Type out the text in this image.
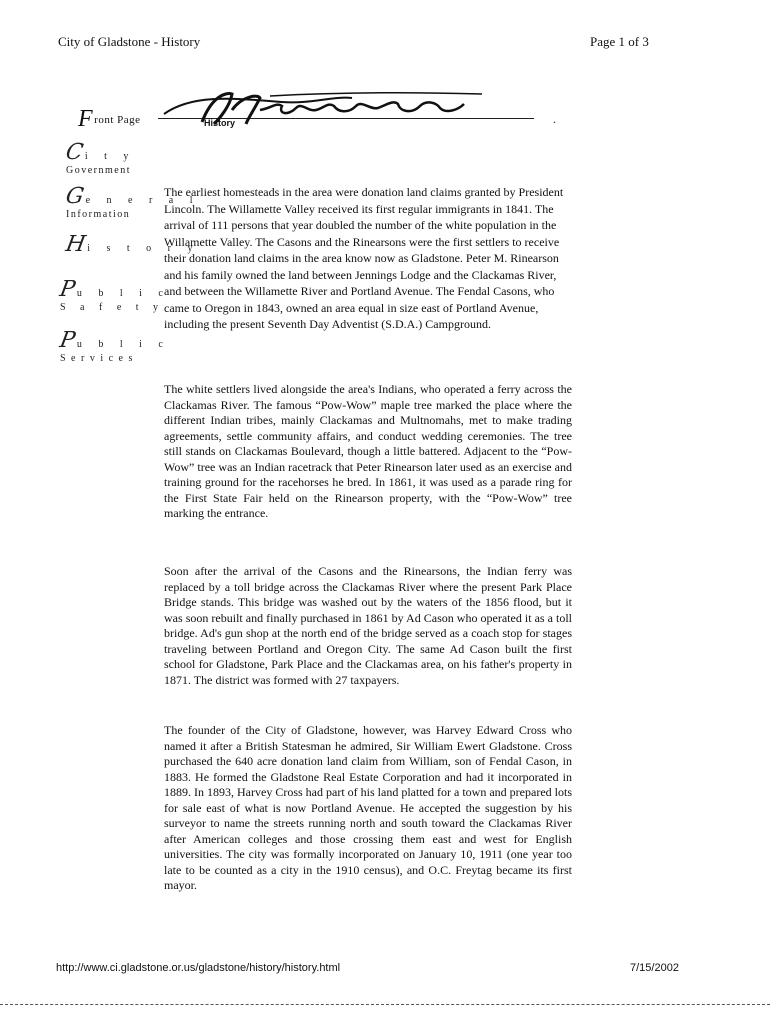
City of Gladstone - History	Page 1 of 3
Front Page	.
History
Ci t y
Government
Ge n e r a l
Information
Hi s t o r y
Pu b l i c
S a f e t y
Pu b l i c
S e r v i c e s
The earliest homesteads in the area were donation land claims granted by President Lincoln. The Willamette Valley received its first regular immigrants in 1841. The arrival of 111 persons that year doubled the number of the white population in the Willamette Valley. The Casons and the Rinearsons were the first settlers to receive their donation land claims in the area know now as Gladstone. Peter M. Rinearson and his family owned the land between Jennings Lodge and the Clackamas River, and between the Willamette River and Portland Avenue. The Fendal Casons, who came to Oregon in 1843, owned an area equal in size east of Portland Avenue, including the present Seventh Day Adventist (S.D.A.) Campground.

The white settlers lived alongside the area's Indians, who operated a ferry across the Clackamas River. The famous “Pow-Wow” maple tree marked the place where the different Indian tribes, mainly Clackamas and Multnomahs, met to make trading agreements, settle community affairs, and conduct wedding ceremonies. The tree still stands on Clackamas Boulevard, though a little battered. Adjacent to the “Pow-Wow” tree was an Indian racetrack that Peter Rinearson later used as an exercise and training ground for the racehorses he bred. In 1861, it was used as a parade ring for the First State Fair held on the Rinearson property, with the “Pow-Wow” tree marking the entrance.

Soon after the arrival of the Casons and the Rinearsons, the Indian ferry was replaced by a toll bridge across the Clackamas River where the present Park Place Bridge stands. This bridge was washed out by the waters of the 1856 flood, but it was soon rebuilt and finally purchased in 1861 by Ad Cason who operated it as a toll bridge. Ad's gun shop at the north end of the bridge served as a coach stop for stages traveling between Portland and Oregon City. The same Ad Cason built the first school for Gladstone, Park Place and the Clackamas area, on his father's property in 1871. The district was formed with 27 taxpayers.

The founder of the City of Gladstone, however, was Harvey Edward Cross who named it after a British Statesman he admired, Sir William Ewert Gladstone. Cross purchased the 640 acre donation land claim from William, son of Fendal Cason, in 1883. He formed the Gladstone Real Estate Corporation and had it incorporated in 1889. In 1893, Harvey Cross had part of his land platted for a town and prepared lots for sale east of what is now Portland Avenue. He accepted the suggestion by his surveyor to name the streets running north and south toward the Clackamas River after American colleges and those crossing them east and west for English universities. The city was formally incorporated on January 10, 1911 (one year too late to be counted as a city in the 1910 census), and O.C. Freytag became its first mayor.

http://www.ci.gladstone.or.us/gladstone/history/history.html	7/15/2002
